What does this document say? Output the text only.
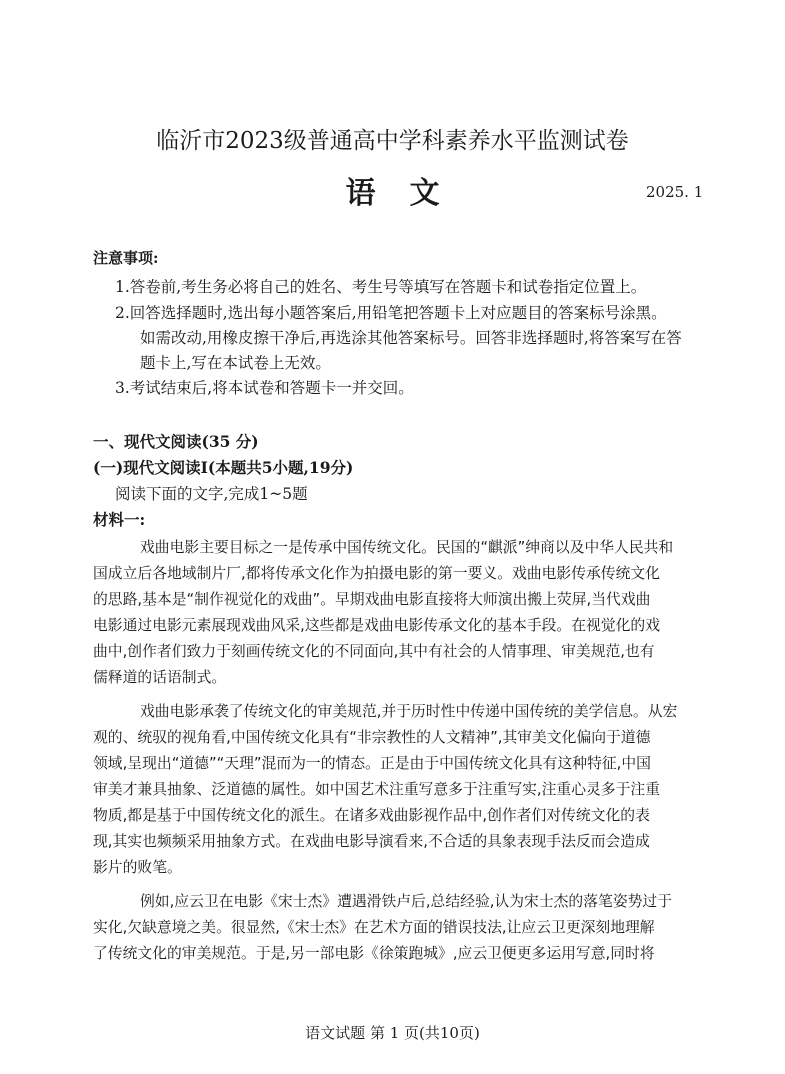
临沂市2023级普通高中学科素养水平监测试卷
语文	2025. 1
注意事项:
1.答卷前,考生务必将自己的姓名、考生号等填写在答题卡和试卷指定位置上。
2.回答选择题时,选出每小题答案后,用铅笔把答题卡上对应题目的答案标号涂黑。
如需改动,用橡皮擦干净后,再选涂其他答案标号。回答非选择题时,将答案写在答
题卡上,写在本试卷上无效。
3.考试结束后,将本试卷和答题卡一并交回。
一、现代文阅读(35 分)
(一)现代文阅读Ⅰ(本题共5小题,19分)
阅读下面的文字,完成1~5题
材料一:
戏曲电影主要目标之一是传承中国传统文化。民国的“麒派”绅商以及中华人民共和
国成立后各地域制片厂,都将传承文化作为拍摄电影的第一要义。戏曲电影传承传统文化
的思路,基本是“制作视觉化的戏曲”。早期戏曲电影直接将大师演出搬上荧屏,当代戏曲
电影通过电影元素展现戏曲风采,这些都是戏曲电影传承文化的基本手段。在视觉化的戏
曲中,创作者们致力于刻画传统文化的不同面向,其中有社会的人情事理、审美规范,也有
儒释道的话语制式。
戏曲电影承袭了传统文化的审美规范,并于历时性中传递中国传统的美学信息。从宏
观的、统驭的视角看,中国传统文化具有“非宗教性的人文精神”,其审美文化偏向于道德
领域,呈现出“道德”“天理”混而为一的情态。正是由于中国传统文化具有这种特征,中国
审美才兼具抽象、泛道德的属性。如中国艺术注重写意多于注重写实,注重心灵多于注重
物质,都是基于中国传统文化的派生。在诸多戏曲影视作品中,创作者们对传统文化的表
现,其实也频频采用抽象方式。在戏曲电影导演看来,不合适的具象表现手法反而会造成
影片的败笔。
例如,应云卫在电影《宋士杰》遭遇滑铁卢后,总结经验,认为宋士杰的落笔姿势过于
实化,欠缺意境之美。很显然,《宋士杰》在艺术方面的错误技法,让应云卫更深刻地理解
了传统文化的审美规范。于是,另一部电影《徐策跑城》,应云卫便更多运用写意,同时将
语文试题 第 1 页(共10页)
